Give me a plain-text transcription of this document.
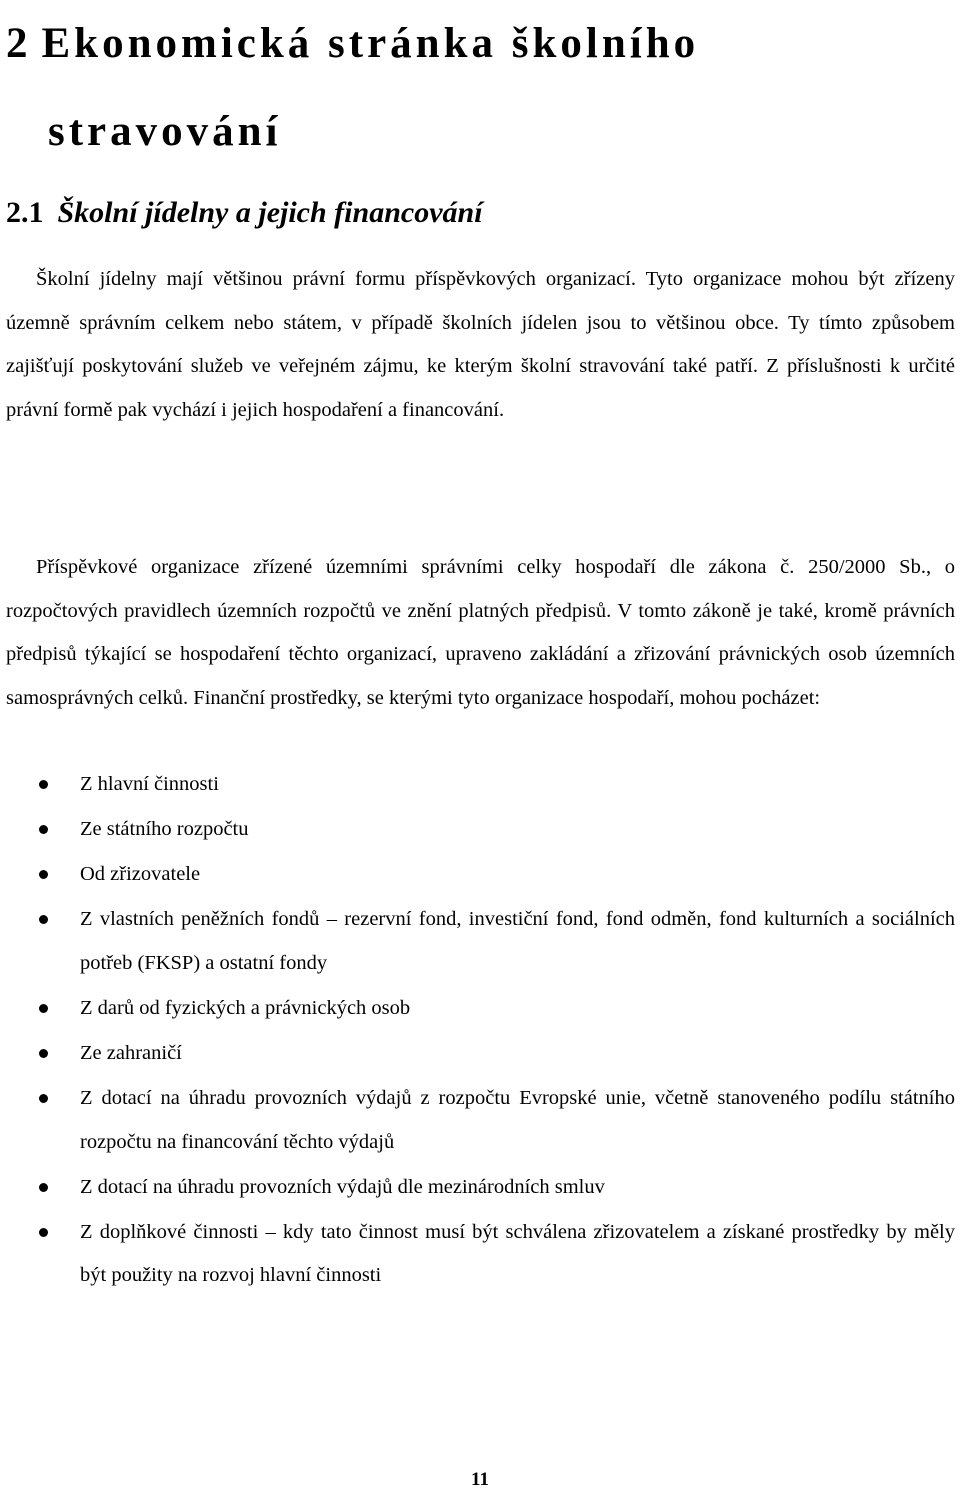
2 Ekonomická stránka školního
stravování
2.1 Školní jídelny a jejich financování

Školní jídelny mají většinou právní formu příspěvkových organizací. Tyto organizace mohou být zřízeny územně správním celkem nebo státem, v případě školních jídelen jsou to většinou obce. Ty tímto způsobem zajišťují poskytování služeb ve veřejném zájmu, ke kterým školní stravování také patří. Z příslušnosti k určité právní formě pak vychází i jejich hospodaření a financování.

Příspěvkové organizace zřízené územními správními celky hospodaří dle zákona č. 250/2000 Sb., o rozpočtových pravidlech územních rozpočtů ve znění platných předpisů. V tomto zákoně je také, kromě právních předpisů týkající se hospodaření těchto organizací, upraveno zakládání a zřizování právnických osob územních samosprávných celků. Finanční prostředky, se kterými tyto organizace hospodaří, mohou pocházet:

Z hlavní činnosti
Ze státního rozpočtu
Od zřizovatele
Z vlastních peněžních fondů – rezervní fond, investiční fond, fond odměn, fond kulturních a sociálních potřeb (FKSP) a ostatní fondy
Z darů od fyzických a právnických osob
Ze zahraničí
Z dotací na úhradu provozních výdajů z rozpočtu Evropské unie, včetně stanoveného podílu státního rozpočtu na financování těchto výdajů
Z dotací na úhradu provozních výdajů dle mezinárodních smluv
Z doplňkové činnosti – kdy tato činnost musí být schválena zřizovatelem a získané prostředky by měly být použity na rozvoj hlavní činnosti
11
